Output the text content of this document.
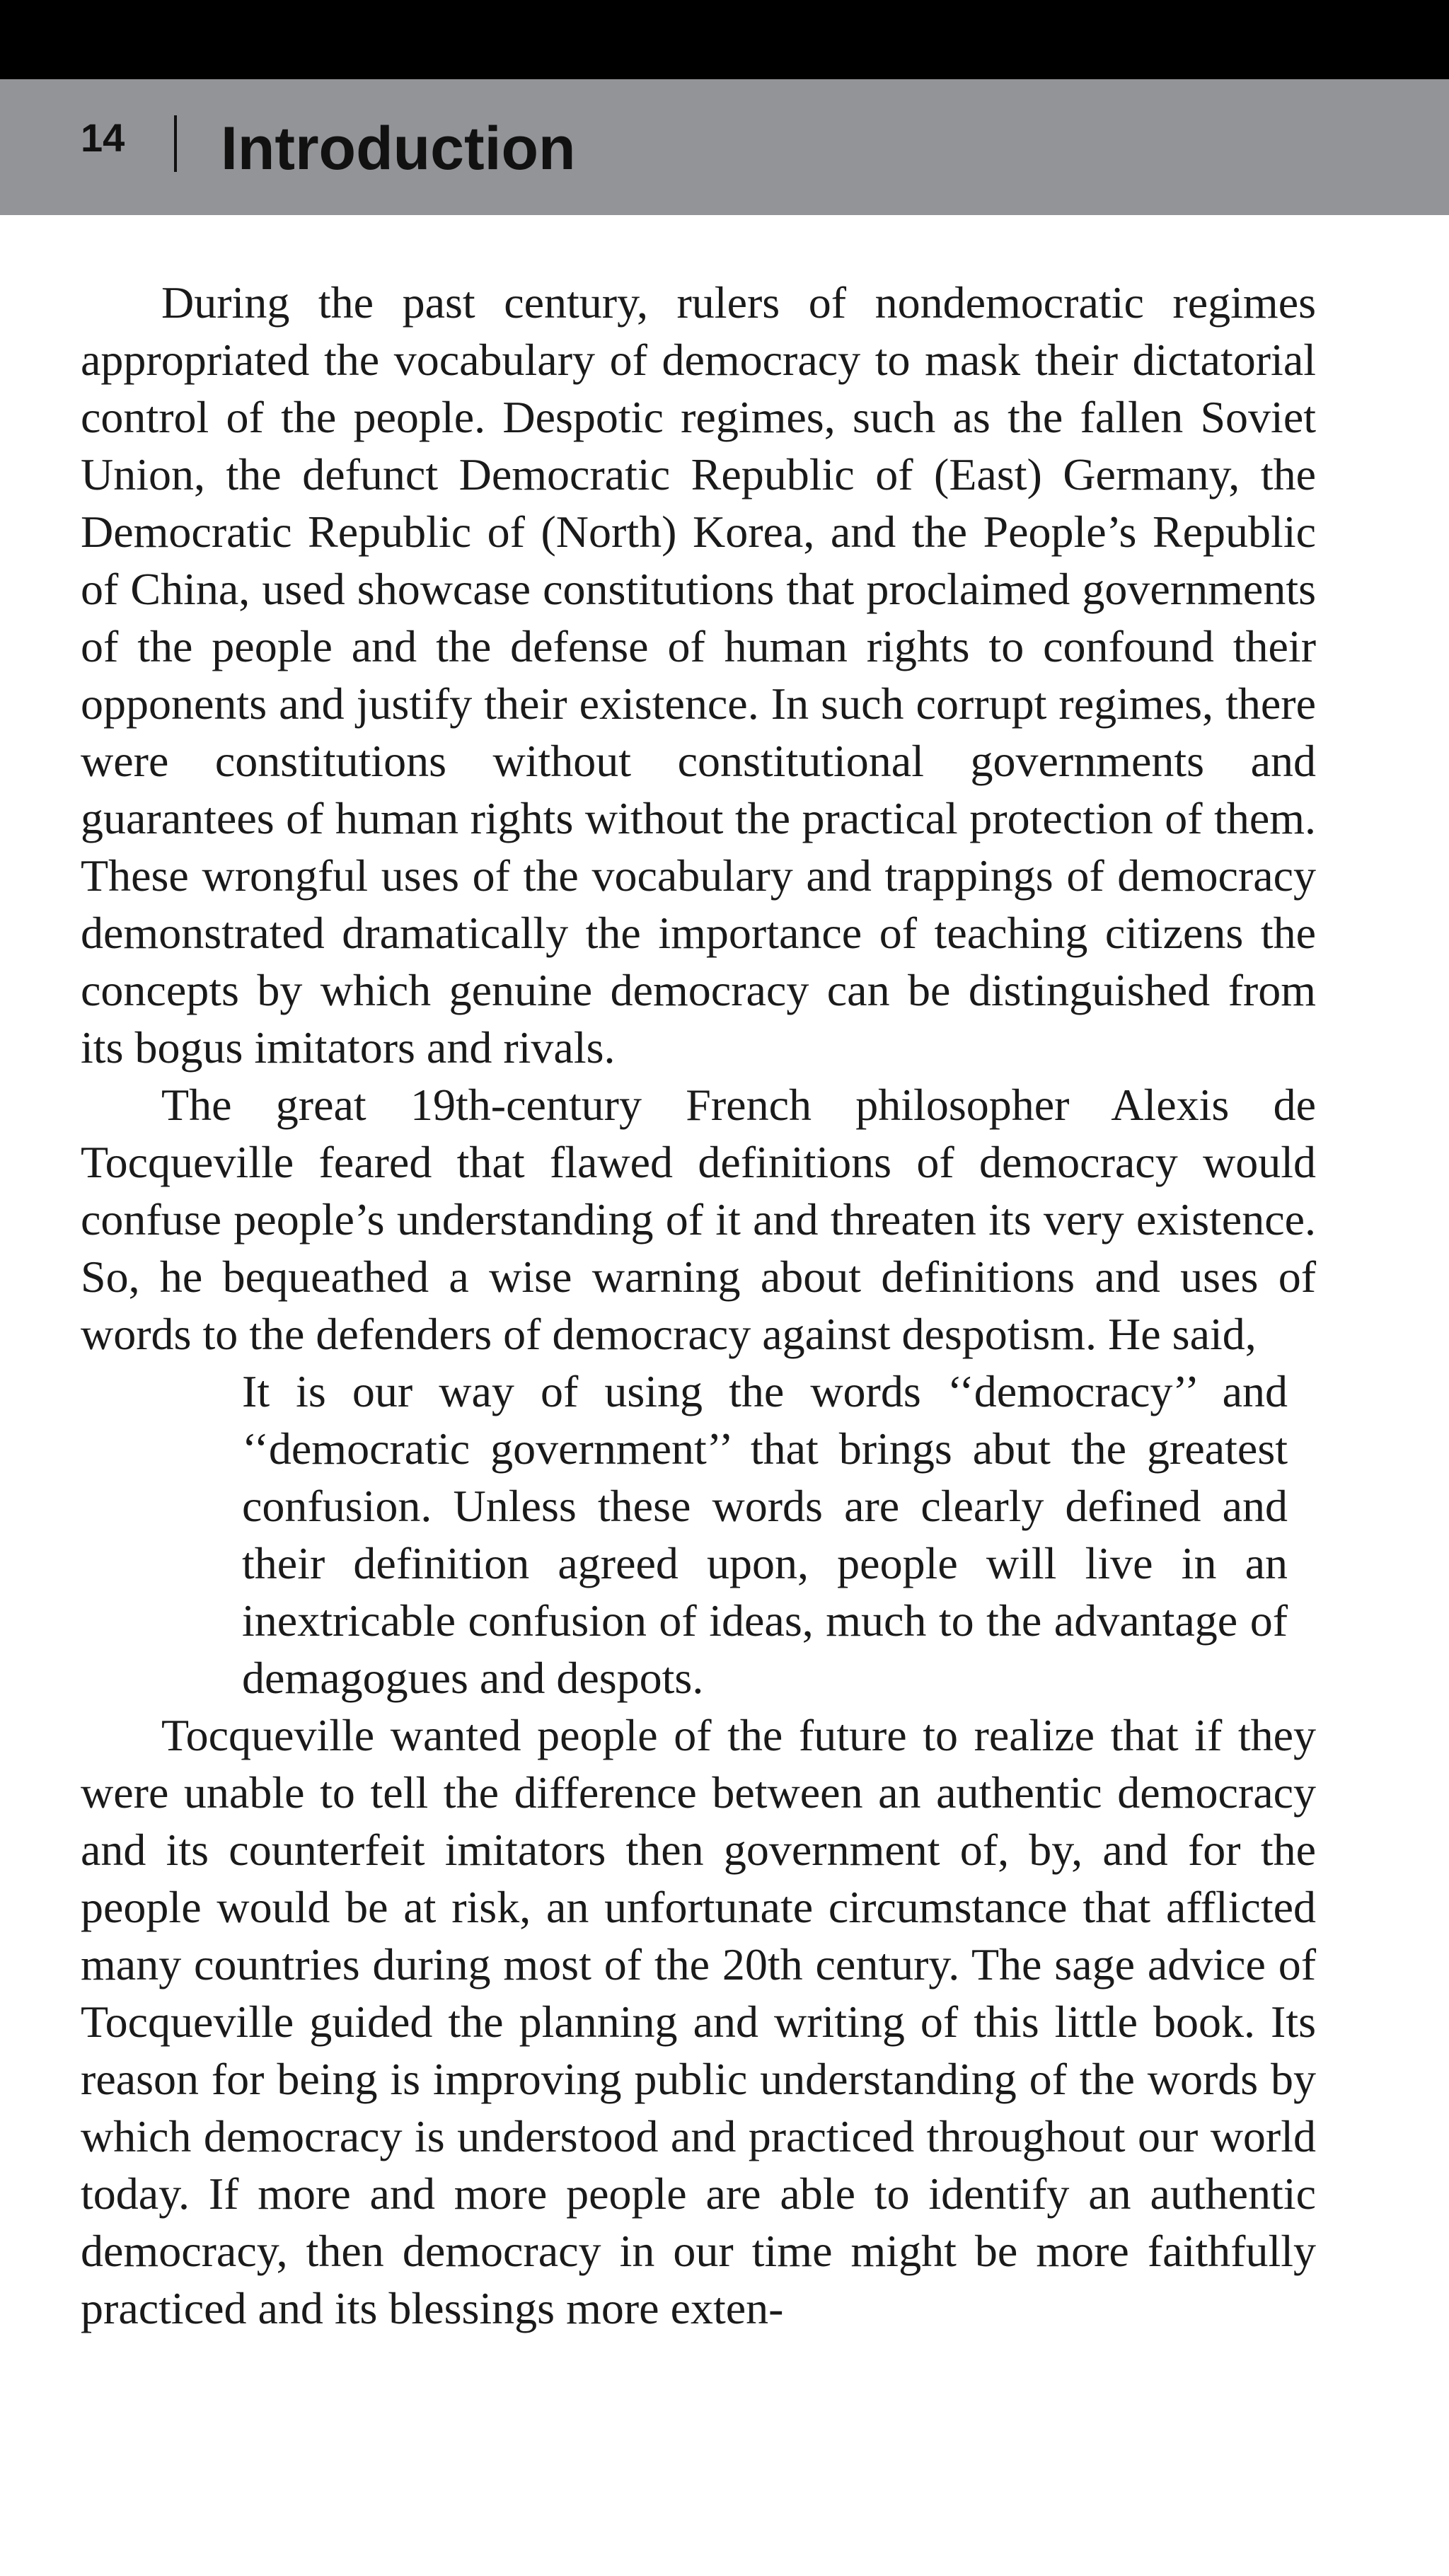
14 Introduction

During the past century, rulers of nondemocratic regimes appropriated the vocabulary of democracy to mask their dictatorial control of the people. Despotic regimes, such as the fallen Soviet Union, the defunct Democratic Republic of (East) Germany, the Democratic Republic of (North) Korea, and the People’s Republic of China, used showcase constitutions that proclaimed governments of the people and the defense of human rights to confound their opponents and justify their existence. In such corrupt regimes, there were constitutions without constitutional governments and guarantees of human rights without the practical protection of them. These wrongful uses of the vocabulary and trappings of democracy demonstrated dramatically the importance of teaching citizens the concepts by which genuine democracy can be distinguished from its bogus imitators and rivals.

The great 19th-century French philosopher Alexis de Tocqueville feared that flawed definitions of democracy would confuse people’s understanding of it and threaten its very existence. So, he bequeathed a wise warning about definitions and uses of words to the defenders of democracy against despotism. He said,

It is our way of using the words ‘‘democracy’’ and ‘‘democratic government’’ that brings abut the greatest confusion. Unless these words are clearly defined and their definition agreed upon, people will live in an inextricable confusion of ideas, much to the advantage of demagogues and despots.

Tocqueville wanted people of the future to realize that if they were unable to tell the difference between an authentic democracy and its counterfeit imitators then government of, by, and for the people would be at risk, an unfortunate circumstance that afflicted many countries during most of the 20th century. The sage advice of Tocqueville guided the planning and writing of this little book. Its reason for being is improving public understanding of the words by which democracy is understood and practiced throughout our world today. If more and more people are able to identify an authentic democracy, then democracy in our time might be more faithfully practiced and its blessings more exten-
